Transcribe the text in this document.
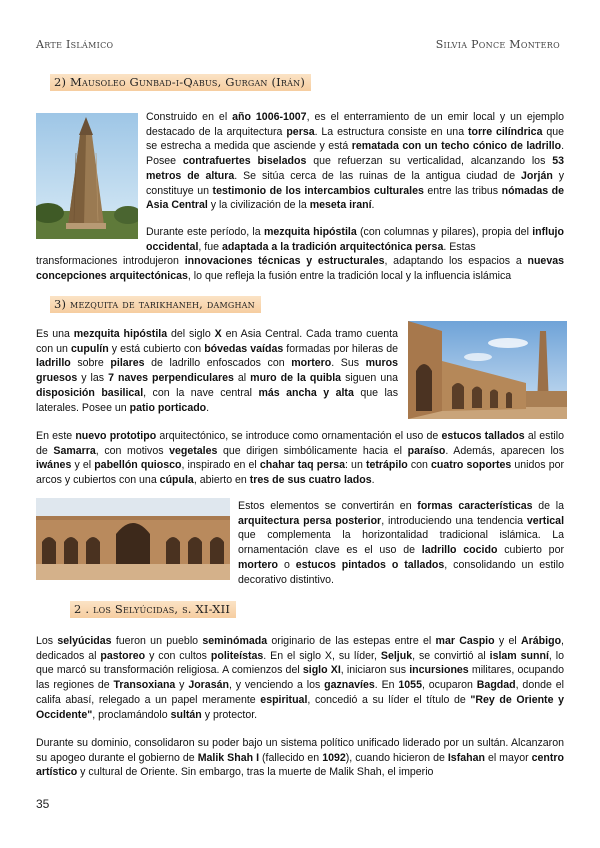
Arte Islámico	Silvia Ponce Montero
2) Mausoleo Gunbad-i-Qabus, Gurgan (Irán)

Construido en el año 1006-1007, es el enterramiento de un emir local y un ejemplo destacado de la arquitectura persa. La estructura consiste en una torre cilíndrica que se estrecha a medida que asciende y está rematada con un techo cónico de ladrillo. Posee contrafuertes biselados que refuerzan su verticalidad, alcanzando los 53 metros de altura. Se sitúa cerca de las ruinas de la antigua ciudad de Jorján y constituye un testimonio de los intercambios culturales entre las tribus nómadas de Asia Central y la civilización de la meseta iraní.

Durante este período, la mezquita hipóstila (con columnas y pilares), propia del influjo occidental, fue adaptada a la tradición arquitectónica persa. Estas

transformaciones introdujeron innovaciones técnicas y estructurales, adaptando los espacios a nuevas concepciones arquitectónicas, lo que refleja la fusión entre la tradición local y la influencia islámica

3) mezquita de tarikhaneh, damghan

Es una mezquita hipóstila del siglo X en Asia Central. Cada tramo cuenta con un cupulín y está cubierto con bóvedas vaídas formadas por hileras de ladrillo sobre pilares de ladrillo enfoscados con mortero. Sus muros gruesos y las 7 naves perpendiculares al muro de la quibla siguen una disposición basilical, con la nave central más ancha y alta que las laterales. Posee un patio porticado.

En este nuevo prototipo arquitectónico, se introduce como ornamentación el uso de estucos tallados al estilo de Samarra, con motivos vegetales que dirigen simbólicamente hacia el paraíso. Además, aparecen los iwánes y el pabellón quiosco, inspirado en el chahar taq persa: un tetrápilo con cuatro soportes unidos por arcos y cubiertos con una cúpula, abierto en tres de sus cuatro lados.

Estos elementos se convertirán en formas características de la arquitectura persa posterior, introduciendo una tendencia vertical que complementa la horizontalidad tradicional islámica. La ornamentación clave es el uso de ladrillo cocido cubierto por mortero o estucos pintados o tallados, consolidando un estilo decorativo distintivo.

2 . los Selyúcidas, s. XI-XII

Los selyúcidas fueron un pueblo seminómada originario de las estepas entre el mar Caspio y el Arábigo, dedicados al pastoreo y con cultos politeístas. En el siglo X, su líder, Seljuk, se convirtió al islam sunní, lo que marcó su transformación religiosa. A comienzos del siglo XI, iniciaron sus incursiones militares, ocupando las regiones de Transoxiana y Jorasán, y venciendo a los gaznavíes. En 1055, ocuparon Bagdad, donde el califa abasí, relegado a un papel meramente espiritual, concedió a su líder el título de "Rey de Oriente y Occidente", proclamándolo sultán y protector.

Durante su dominio, consolidaron su poder bajo un sistema político unificado liderado por un sultán. Alcanzaron su apogeo durante el gobierno de Malik Shah I (fallecido en 1092), cuando hicieron de Isfahan el mayor centro artístico y cultural de Oriente. Sin embargo, tras la muerte de Malik Shah, el imperio

35
